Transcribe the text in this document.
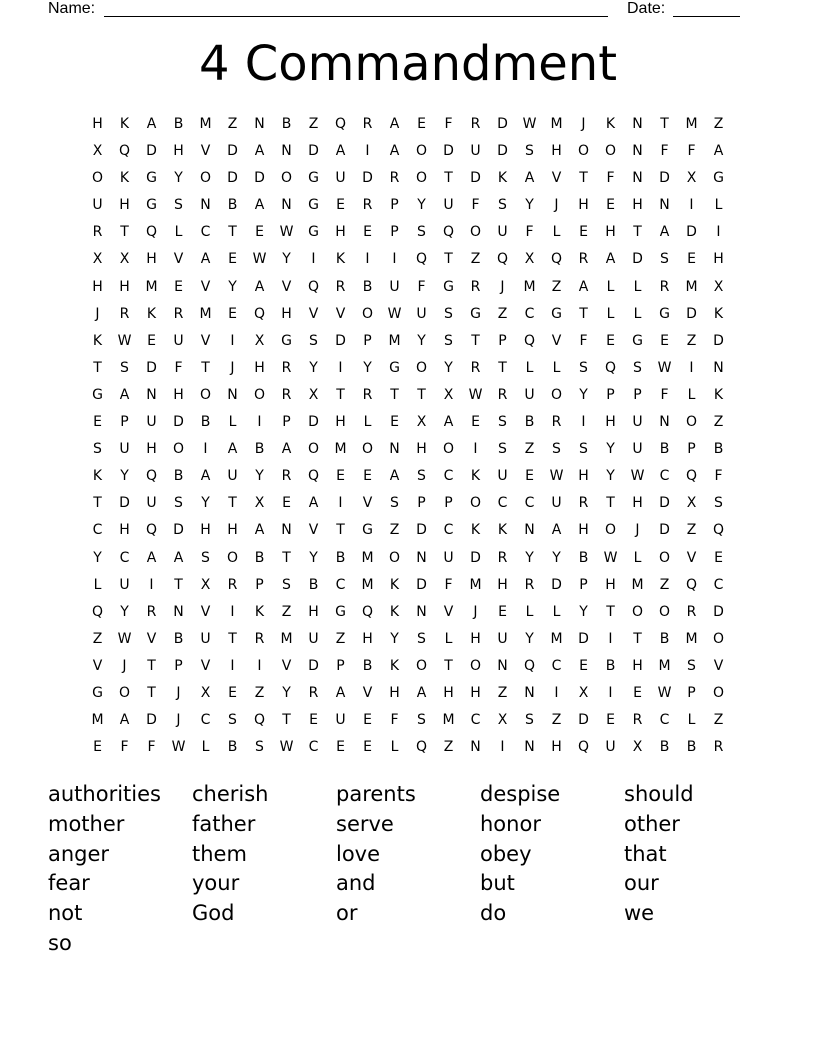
Name:	Date:
4 Commandment
H	K	A	B	M	Z	N	B	Z	Q	R	A	E	F	R	D	W	M	J	K	N	T	M	Z
X	Q	D	H	V	D	A	N	D	A	I	A	O	D	U	D	S	H	O	O	N	F	F	A
O	K	G	Y	O	D	D	O	G	U	D	R	O	T	D	K	A	V	T	F	N	D	X	G
U	H	G	S	N	B	A	N	G	E	R	P	Y	U	F	S	Y	J	H	E	H	N	I	L
R	T	Q	L	C	T	E	W	G	H	E	P	S	Q	O	U	F	L	E	H	T	A	D	I
X	X	H	V	A	E	W	Y	I	K	I	I	Q	T	Z	Q	X	Q	R	A	D	S	E	H
H	H	M	E	V	Y	A	V	Q	R	B	U	F	G	R	J	M	Z	A	L	L	R	M	X
J	R	K	R	M	E	Q	H	V	V	O	W	U	S	G	Z	C	G	T	L	L	G	D	K
K	W	E	U	V	I	X	G	S	D	P	M	Y	S	T	P	Q	V	F	E	G	E	Z	D
T	S	D	F	T	J	H	R	Y	I	Y	G	O	Y	R	T	L	L	S	Q	S	W	I	N
G	A	N	H	O	N	O	R	X	T	R	T	T	X	W	R	U	O	Y	P	P	F	L	K
E	P	U	D	B	L	I	P	D	H	L	E	X	A	E	S	B	R	I	H	U	N	O	Z
S	U	H	O	I	A	B	A	O	M	O	N	H	O	I	S	Z	S	S	Y	U	B	P	B
K	Y	Q	B	A	U	Y	R	Q	E	E	A	S	C	K	U	E	W	H	Y	W	C	Q	F
T	D	U	S	Y	T	X	E	A	I	V	S	P	P	O	C	C	U	R	T	H	D	X	S
C	H	Q	D	H	H	A	N	V	T	G	Z	D	C	K	K	N	A	H	O	J	D	Z	Q
Y	C	A	A	S	O	B	T	Y	B	M	O	N	U	D	R	Y	Y	B	W	L	O	V	E
L	U	I	T	X	R	P	S	B	C	M	K	D	F	M	H	R	D	P	H	M	Z	Q	C
Q	Y	R	N	V	I	K	Z	H	G	Q	K	N	V	J	E	L	L	Y	T	O	O	R	D
Z	W	V	B	U	T	R	M	U	Z	H	Y	S	L	H	U	Y	M	D	I	T	B	M	O
V	J	T	P	V	I	I	V	D	P	B	K	O	T	O	N	Q	C	E	B	H	M	S	V
G	O	T	J	X	E	Z	Y	R	A	V	H	A	H	H	Z	N	I	X	I	E	W	P	O
M	A	D	J	C	S	Q	T	E	U	E	F	S	M	C	X	S	Z	D	E	R	C	L	Z
E	F	F	W	L	B	S	W	C	E	E	L	Q	Z	N	I	N	H	Q	U	X	B	B	R
authorities	cherish	parents	despise	should
mother	father	serve	honor	other
anger	them	love	obey	that
fear	your	and	but	our
not	God	or	do	we
so
